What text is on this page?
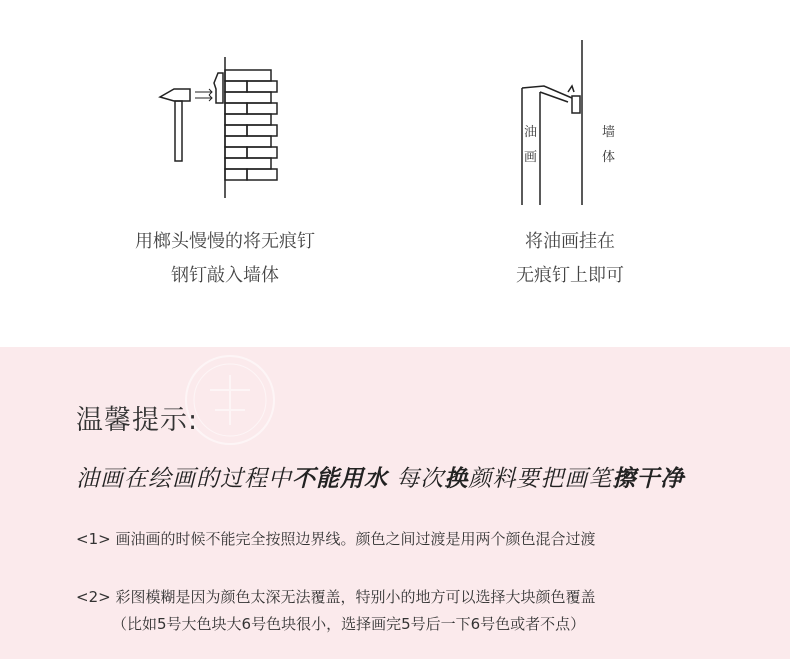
油
画
墙
体
用榔头慢慢的将无痕钉
钢钉敲入墙体
将油画挂在
无痕钉上即可
温馨提示:
油画在绘画的过程中不能用水 每次换颜料要把画笔擦干净
<1> 画油画的时候不能完全按照边界线。颜色之间过渡是用两个颜色混合过渡
<2> 彩图模糊是因为颜色太深无法覆盖，特别小的地方可以选择大块颜色覆盖
（比如5号大色块大6号色块很小，选择画完5号后一下6号色或者不点）
